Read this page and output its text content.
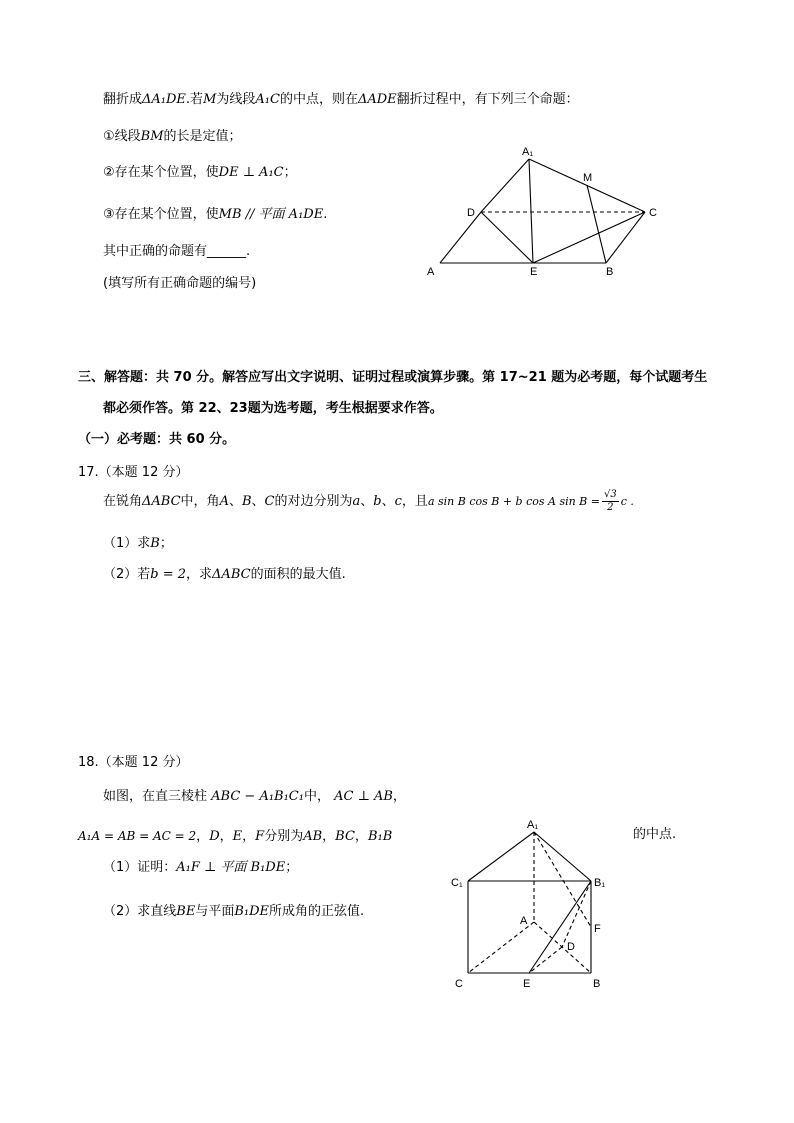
翻折成ΔA₁DE.若M为线段A₁C的中点，则在ΔADE翻折过程中，有下列三个命题：
①线段BM的长是定值；
②存在某个位置，使DE ⊥ A₁C；
③存在某个位置，使MB // 平面 A₁DE.
其中正确的命题有______.
(填写所有正确命题的编号)
A₁
M
D	C
A	E	B
三、解答题：共 70 分。解答应写出文字说明、证明过程或演算步骤。第 17~21 题为必考题，每个试题考生
都必须作答。第 22、23题为选考题，考生根据要求作答。
（一）必考题：共 60 分。
17.（本题 12 分）
在锐角ΔABC中，角A、B、C的对边分别为a、b、c，且a sin B cos B + b cos A $\sin B = \frac{√3}{2}$ c .
（1）求B；
（2）若b = 2，求ΔABC的面积的最大值.
18.（本题 12 分）
如图，在直三棱柱 ABC − A₁B₁C₁中， AC ⊥ AB，
A₁A = AB = AC = 2，D，E，F分别为AB，BC，B₁B	的中点.
（1）证明：A₁F ⊥ 平面 B₁DE；
（2）求直线BE与平面B₁DE所成角的正弦值.
A₁
C₁	B₁
A
F
D
C	E	B
